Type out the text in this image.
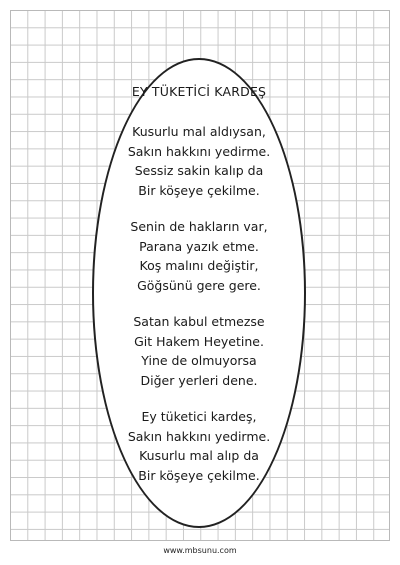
EY TÜKETİCİ KARDEŞ
Kusurlu mal aldıysan,
Sakın hakkını yedirme.
Sessiz sakin kalıp da
Bir köşeye çekilme.
Senin de hakların var,
Parana yazık etme.
Koş malını değiştir,
Göğsünü gere gere.
Satan kabul etmezse
Git Hakem Heyetine.
Yine de olmuyorsa
Diğer yerleri dene.
Ey tüketici kardeş,
Sakın hakkını yedirme.
Kusurlu mal alıp da
Bir köşeye çekilme.
www.mbsunu.com
